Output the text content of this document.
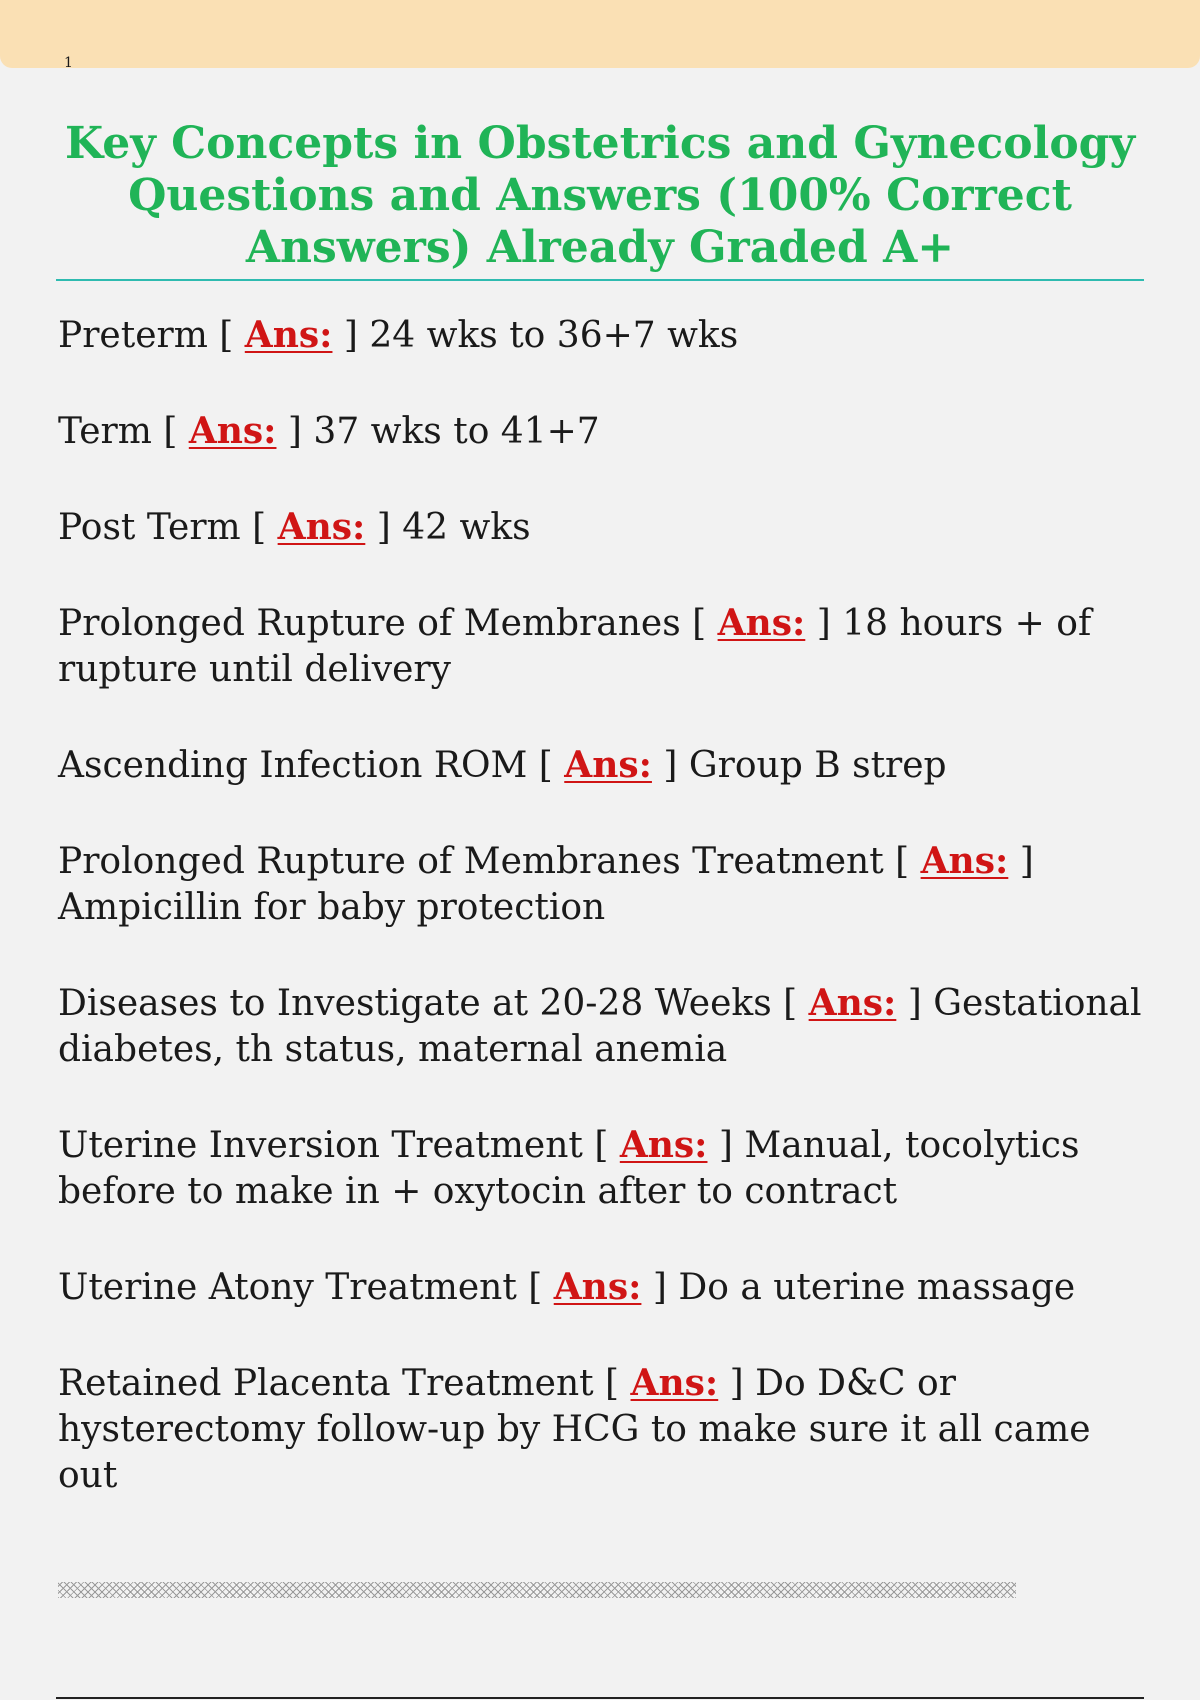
1
Key Concepts in Obstetrics and Gynecology
Questions and Answers (100% Correct
Answers) Already Graded A+
Preterm [ Ans: ] 24 wks to 36+7 wks
Term [ Ans: ] 37 wks to 41+7
Post Term [ Ans: ] 42 wks
Prolonged Rupture of Membranes [ Ans: ] 18 hours + of rupture until delivery
Ascending Infection ROM [ Ans: ] Group B strep
Prolonged Rupture of Membranes Treatment [ Ans: ] Ampicillin for baby protection
Diseases to Investigate at 20-28 Weeks [ Ans: ] Gestational diabetes, th status, maternal anemia
Uterine Inversion Treatment [ Ans: ] Manual, tocolytics before to make in + oxytocin after to contract
Uterine Atony Treatment [ Ans: ] Do a uterine massage
Retained Placenta Treatment [ Ans: ] Do D&C or hysterectomy follow-up by HCG to make sure it all came out
